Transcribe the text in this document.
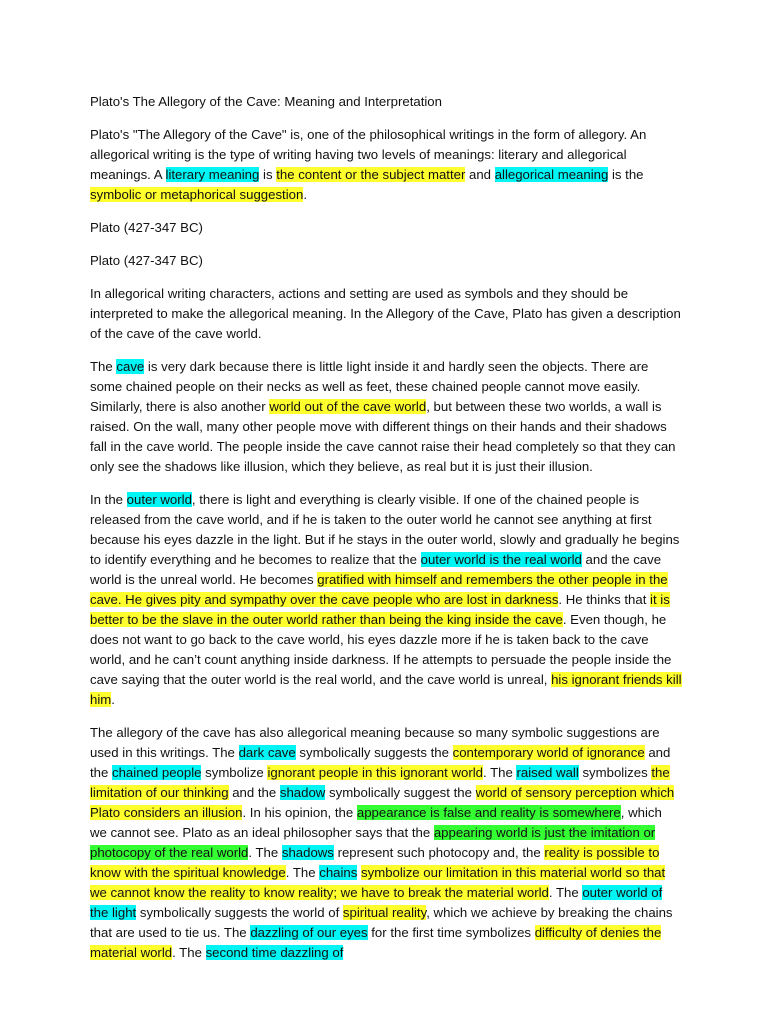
Plato's The Allegory of the Cave: Meaning and Interpretation

Plato's "The Allegory of the Cave" is, one of the philosophical writings in the form of allegory. An allegorical writing is the type of writing having two levels of meanings: literary and allegorical meanings. A literary meaning is the content or the subject matter and allegorical meaning is the symbolic or metaphorical suggestion.

Plato (427-347 BC)

Plato (427-347 BC)

In allegorical writing characters, actions and setting are used as symbols and they should be interpreted to make the allegorical meaning. In the Allegory of the Cave, Plato has given a description of the cave of the cave world.

The cave is very dark because there is little light inside it and hardly seen the objects. There are some chained people on their necks as well as feet, these chained people cannot move easily. Similarly, there is also another world out of the cave world, but between these two worlds, a wall is raised. On the wall, many other people move with different things on their hands and their shadows fall in the cave world. The people inside the cave cannot raise their head completely so that they can only see the shadows like illusion, which they believe, as real but it is just their illusion.

In the outer world, there is light and everything is clearly visible. If one of the chained people is released from the cave world, and if he is taken to the outer world he cannot see anything at first because his eyes dazzle in the light. But if he stays in the outer world, slowly and gradually he begins to identify everything and he becomes to realize that the outer world is the real world and the cave world is the unreal world. He becomes gratified with himself and remembers the other people in the cave. He gives pity and sympathy over the cave people who are lost in darkness. He thinks that it is better to be the slave in the outer world rather than being the king inside the cave. Even though, he does not want to go back to the cave world, his eyes dazzle more if he is taken back to the cave world, and he can’t count anything inside darkness. If he attempts to persuade the people inside the cave saying that the outer world is the real world, and the cave world is unreal, his ignorant friends kill him.

The allegory of the cave has also allegorical meaning because so many symbolic suggestions are used in this writings. The dark cave symbolically suggests the contemporary world of ignorance and the chained people symbolize ignorant people in this ignorant world. The raised wall symbolizes the limitation of our thinking and the shadow symbolically suggest the world of sensory perception which Plato considers an illusion. In his opinion, the appearance is false and reality is somewhere, which we cannot see. Plato as an ideal philosopher says that the appearing world is just the imitation or photocopy of the real world. The shadows represent such photocopy and, the reality is possible to know with the spiritual knowledge. The chains symbolize our limitation in this material world so that we cannot know the reality to know reality; we have to break the material world. The outer world of the light symbolically suggests the world of spiritual reality, which we achieve by breaking the chains that are used to tie us. The dazzling of our eyes for the first time symbolizes difficulty of denies the material world. The second time dazzling of
